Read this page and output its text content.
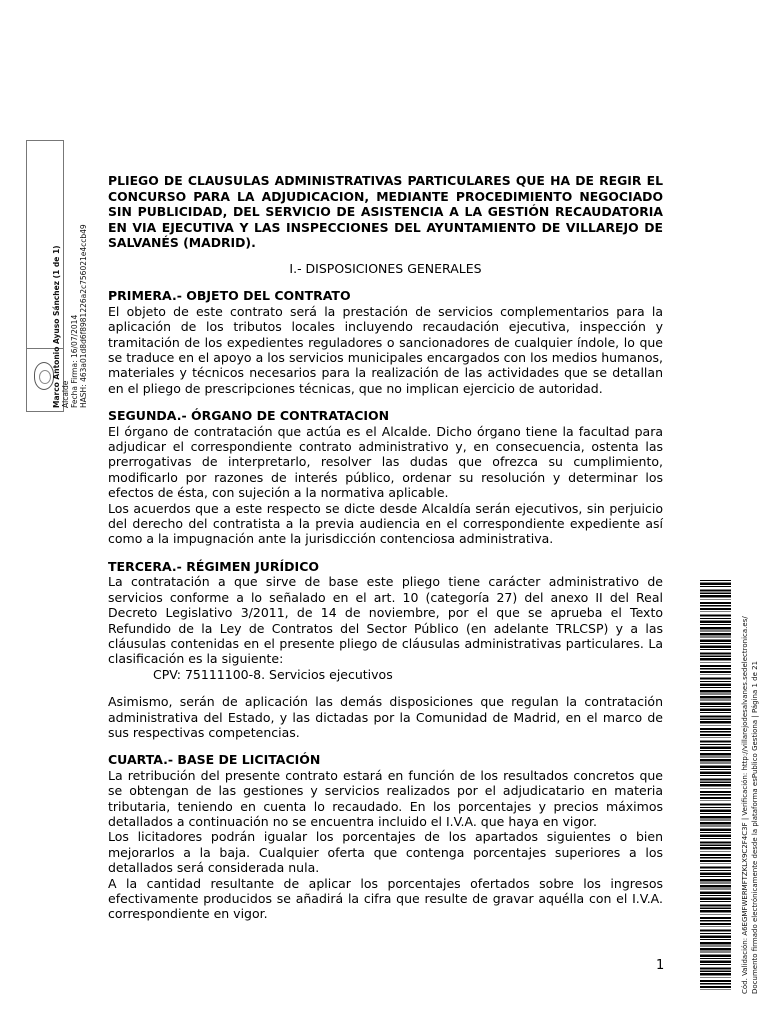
Marco Antonio Ayuso Sánchez (1 de 1) Alcalde Fecha Firma: 16/07/2014 HASH: 463a01d8d6f8981226a2c756021e4ccb49
PLIEGO DE CLAUSULAS ADMINISTRATIVAS PARTICULARES QUE HA DE REGIR EL CONCURSO PARA LA ADJUDICACION, MEDIANTE PROCEDIMIENTO NEGOCIADO SIN PUBLICIDAD, DEL SERVICIO DE ASISTENCIA A LA GESTIÓN RECAUDATORIA EN VIA EJECUTIVA Y LAS INSPECCIONES DEL AYUNTAMIENTO DE VILLAREJO DE SALVANÉS (MADRID).
I.- DISPOSICIONES GENERALES

PRIMERA.- OBJETO DEL CONTRATO

El objeto de este contrato será la prestación de servicios complementarios para la aplicación de los tributos locales incluyendo recaudación ejecutiva, inspección y tramitación de los expedientes reguladores o sancionadores de cualquier índole, lo que se traduce en el apoyo a los servicios municipales encargados con los medios humanos, materiales y técnicos necesarios para la realización de las actividades que se detallan en el pliego de prescripciones técnicas, que no implican ejercicio de autoridad.

SEGUNDA.- ÓRGANO DE CONTRATACION

El órgano de contratación que actúa es el Alcalde. Dicho órgano tiene la facultad para adjudicar el correspondiente contrato administrativo y, en consecuencia, ostenta las prerrogativas de interpretarlo, resolver las dudas que ofrezca su cumplimiento, modificarlo por razones de interés público, ordenar su resolución y determinar los efectos de ésta, con sujeción a la normativa aplicable.

Los acuerdos que a este respecto se dicte desde Alcaldía serán ejecutivos, sin perjuicio del derecho del contratista a la previa audiencia en el correspondiente expediente así como a la impugnación ante la jurisdicción contenciosa administrativa.

TERCERA.- RÉGIMEN JURÍDICO

La contratación a que sirve de base este pliego tiene carácter administrativo de servicios conforme a lo señalado en el art. 10 (categoría 27) del anexo II del Real Decreto Legislativo 3/2011, de 14 de noviembre, por el que se aprueba el Texto Refundido de la Ley de Contratos del Sector Público (en adelante TRLCSP) y a las cláusulas contenidas en el presente pliego de cláusulas administrativas particulares. La clasificación es la siguiente:

CPV: 75111100-8. Servicios ejecutivos

Asimismo, serán de aplicación las demás disposiciones que regulan la contratación administrativa del Estado, y las dictadas por la Comunidad de Madrid, en el marco de sus respectivas competencias.

CUARTA.- BASE DE LICITACIÓN

La retribución del presente contrato estará en función de los resultados concretos que se obtengan de las gestiones y servicios realizados por el adjudicatario en materia tributaria, teniendo en cuenta lo recaudado. En los porcentajes y precios máximos detallados a continuación no se encuentra incluido el I.V.A. que haya en vigor.

Los licitadores podrán igualar los porcentajes de los apartados siguientes o bien mejorarlos a la baja. Cualquier oferta que contenga porcentajes superiores a los detallados será considerada nula.

A la cantidad resultante de aplicar los porcentajes ofertados sobre los ingresos efectivamente producidos se añadirá la cifra que resulte de gravar aquélla con el I.V.A. correspondiente en vigor.

1	Cód. Validación: A6EGMFWERMFTZKLX9C2F4C3F | Verificación: http://villarejodesalvanes.sedelectronica.es/ Documento firmado electrónicamente desde la plataforma esPublico Gestiona | Página 1 de 21
